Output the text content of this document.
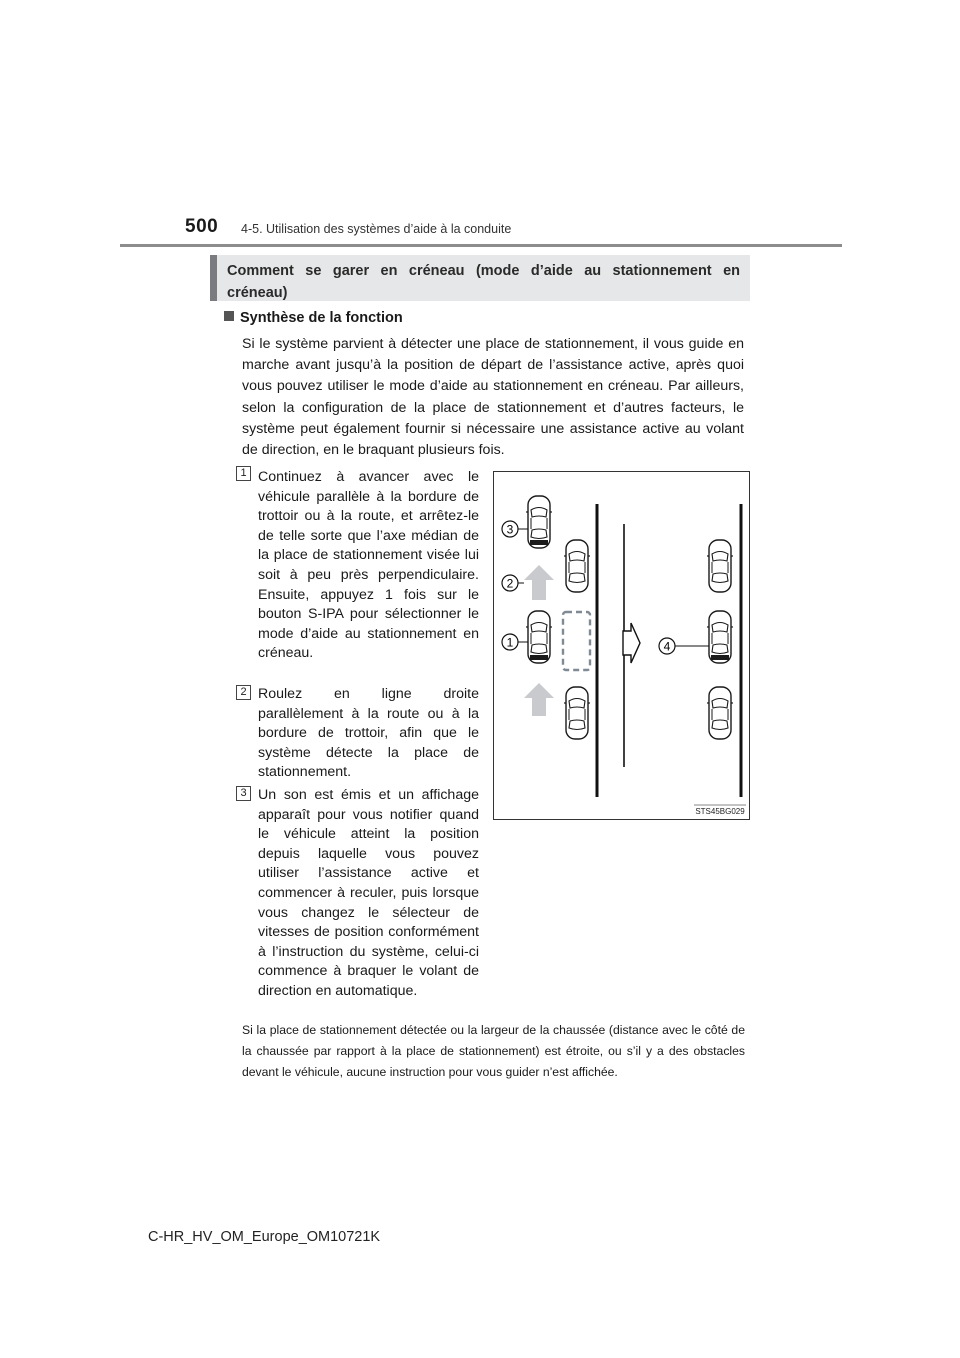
500 4-5. Utilisation des systèmes d’aide à la conduite
Comment se garer en créneau (mode d’aide au stationnement en créneau)
Synthèse de la fonction

Si le système parvient à détecter une place de stationnement, il vous guide en marche avant jusqu’à la position de départ de l’assistance active, après quoi vous pouvez utiliser le mode d’aide au stationnement en créneau. Par ailleurs, selon la configuration de la place de stationnement et d’autres facteurs, le système peut également fournir si nécessaire une assistance active au volant de direction, en le braquant plusieurs fois.

1 Continuez à avancer avec le véhicule parallèle à la bordure de trottoir ou à la route, et arrêtez-le de telle sorte que l’axe médian de la place de stationnement visée lui soit à peu près perpendiculaire. Ensuite, appuyez 1 fois sur le bouton S-IPA pour sélectionner le mode d’aide au stationnement en créneau.

2 Roulez en ligne droite parallèlement à la route ou à la bordure de trottoir, afin que le système détecte la place de stationnement.

3 Un son est émis et un affichage apparaît pour vous notifier quand le véhicule atteint la position depuis laquelle vous pouvez utiliser l’assistance active et commencer à reculer, puis lorsque vous changez le sélecteur de vitesses de position conformément à l’instruction du système, celui-ci commence à braquer le volant de direction en automatique.

3
2
1	4
STS45BG029

Si la place de stationnement détectée ou la largeur de la chaussée (distance avec le côté de la chaussée par rapport à la place de stationnement) est étroite, ou s’il y a des obstacles devant le véhicule, aucune instruction pour vous guider n’est affichée.

C-HR_HV_OM_Europe_OM10721K
